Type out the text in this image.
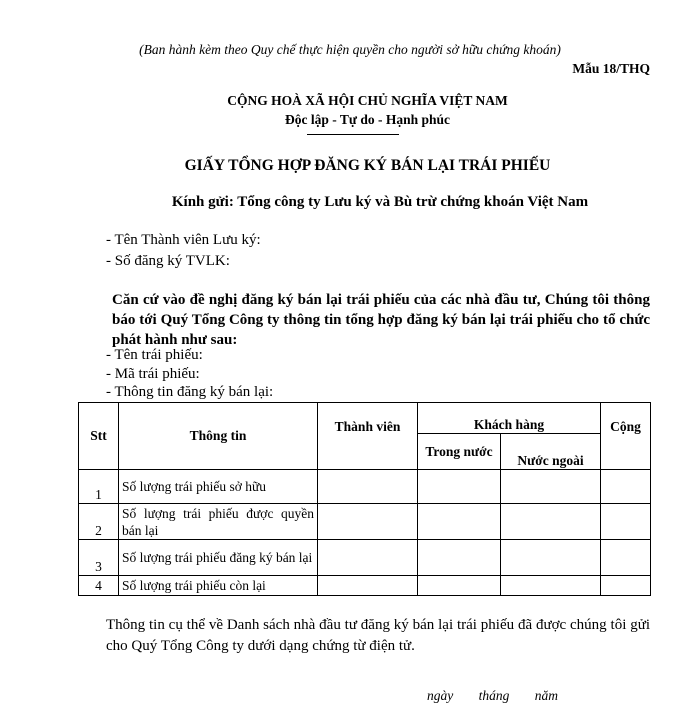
(Ban hành kèm theo Quy chế thực hiện quyền cho người sở hữu chứng khoán)
Mẫu 18/THQ
CỘNG HOÀ XÃ HỘI CHỦ NGHĨA VIỆT NAM
Độc lập - Tự do - Hạnh phúc
GIẤY TỔNG HỢP ĐĂNG KÝ BÁN LẠI TRÁI PHIẾU
Kính gửi: Tổng công ty Lưu ký và Bù trừ chứng khoán Việt Nam
- Tên Thành viên Lưu ký:
- Số đăng ký TVLK:
Căn cứ vào đề nghị đăng ký bán lại trái phiếu của các nhà đầu tư, Chúng tôi thông báo tới Quý Tổng Công ty thông tin tổng hợp đăng ký bán lại trái phiếu cho tổ chức phát hành như sau:
- Tên trái phiếu:
- Mã trái phiếu:
- Thông tin đăng ký bán lại:
Stt	Thông tin	Thành viên	Khách hàng		Cộng
			Trong nước	Nước ngoài	
1	Số lượng trái phiếu sở hữu				
2	Số lượng trái phiếu được quyền bán lại				
3	Số lượng trái phiếu đăng ký bán lại				
4	Số lượng trái phiếu còn lại				
Thông tin cụ thể về Danh sách nhà đầu tư đăng ký bán lại trái phiếu đã được chúng tôi gửi cho Quý Tổng Công ty dưới dạng chứng từ điện tử.
ngày tháng năm
